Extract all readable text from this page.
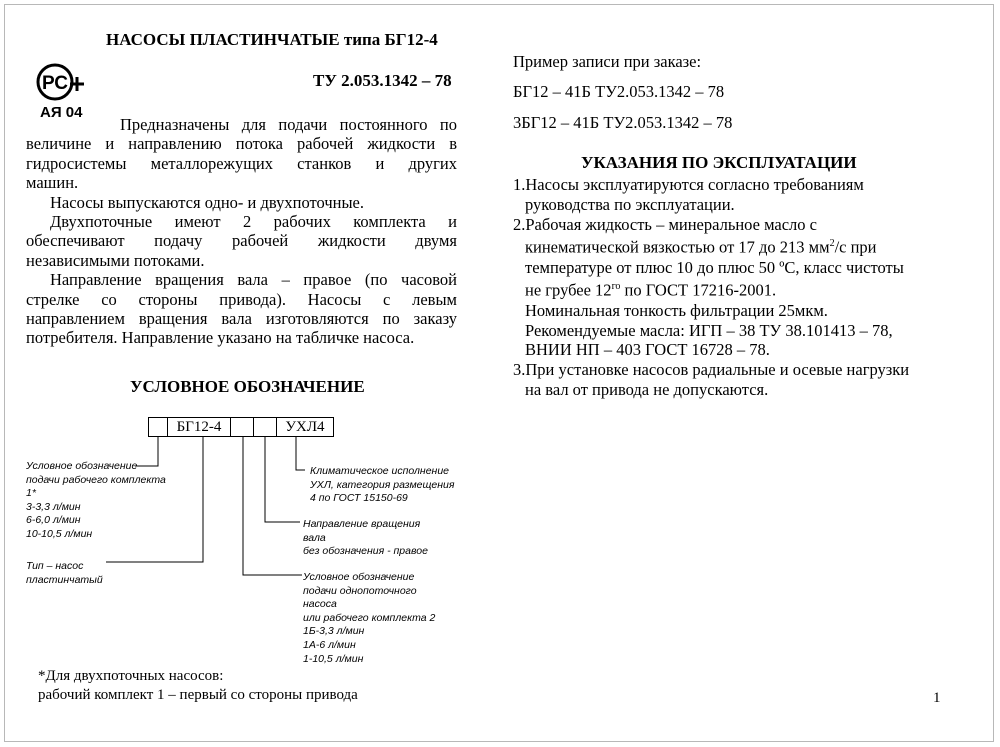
НАСОСЫ ПЛАСТИНЧАТЫЕ типа БГ12-4
ТУ 2.053.1342 – 78
РС
АЯ 04
Предназначены для подачи постоянного по
величине и направлению потока рабочей жидкости в
гидросистемы металлорежущих станков и других
машин.
Насосы выпускаются одно- и двухпоточные.
Двухпоточные имеют 2 рабочих комплекта и
обеспечивают подачу рабочей жидкости двумя
независимыми потоками.
Направление вращения вала – правое (по часовой
стрелке со стороны привода). Насосы с левым
направлением вращения вала изготовляются по заказу
потребителя. Направление указано на табличке насоса.
УСЛОВНОЕ ОБОЗНАЧЕНИЕ
БГ12-4	УХЛ4
Условное обозначение
подачи рабочего комплекта
1*
3-3,3 л/мин
6-6,0 л/мин
10-10,5 л/мин
Тип – насос
пластинчатый
Климатическое исполнение
УХЛ, категория размещения
4 по ГОСТ 15150-69
Направление вращения
вала
без обозначения - правое
Условное обозначение
подачи однопоточного
насоса
или рабочего комплекта 2
1Б-3,3 л/мин
1А-6 л/мин
1-10,5 л/мин
*Для двухпоточных насосов:
рабочий комплект 1 – первый со стороны привода
Пример записи при заказе:
БГ12 – 41Б ТУ2.053.1342 – 78
3БГ12 – 41Б ТУ2.053.1342 – 78
УКАЗАНИЯ ПО ЭКСПЛУАТАЦИИ
1.Насосы эксплуатируются согласно требованиям
руководства по эксплуатации.
2.Рабочая жидкость – минеральное масло с
кинематической вязкостью от 17 до 213 $мм^2/с$ при
температуре от плюс 10 до плюс 50 ºС, класс чистоты
не грубее $12^{го}$ по ГОСТ 17216-2001.
Номинальная тонкость фильтрации 25мкм.
Рекомендуемые масла: ИГП – 38 ТУ 38.101413 – 78,
ВНИИ НП – 403 ГОСТ 16728 – 78.
3.При установке насосов радиальные и осевые нагрузки
на вал от привода не допускаются.
1
